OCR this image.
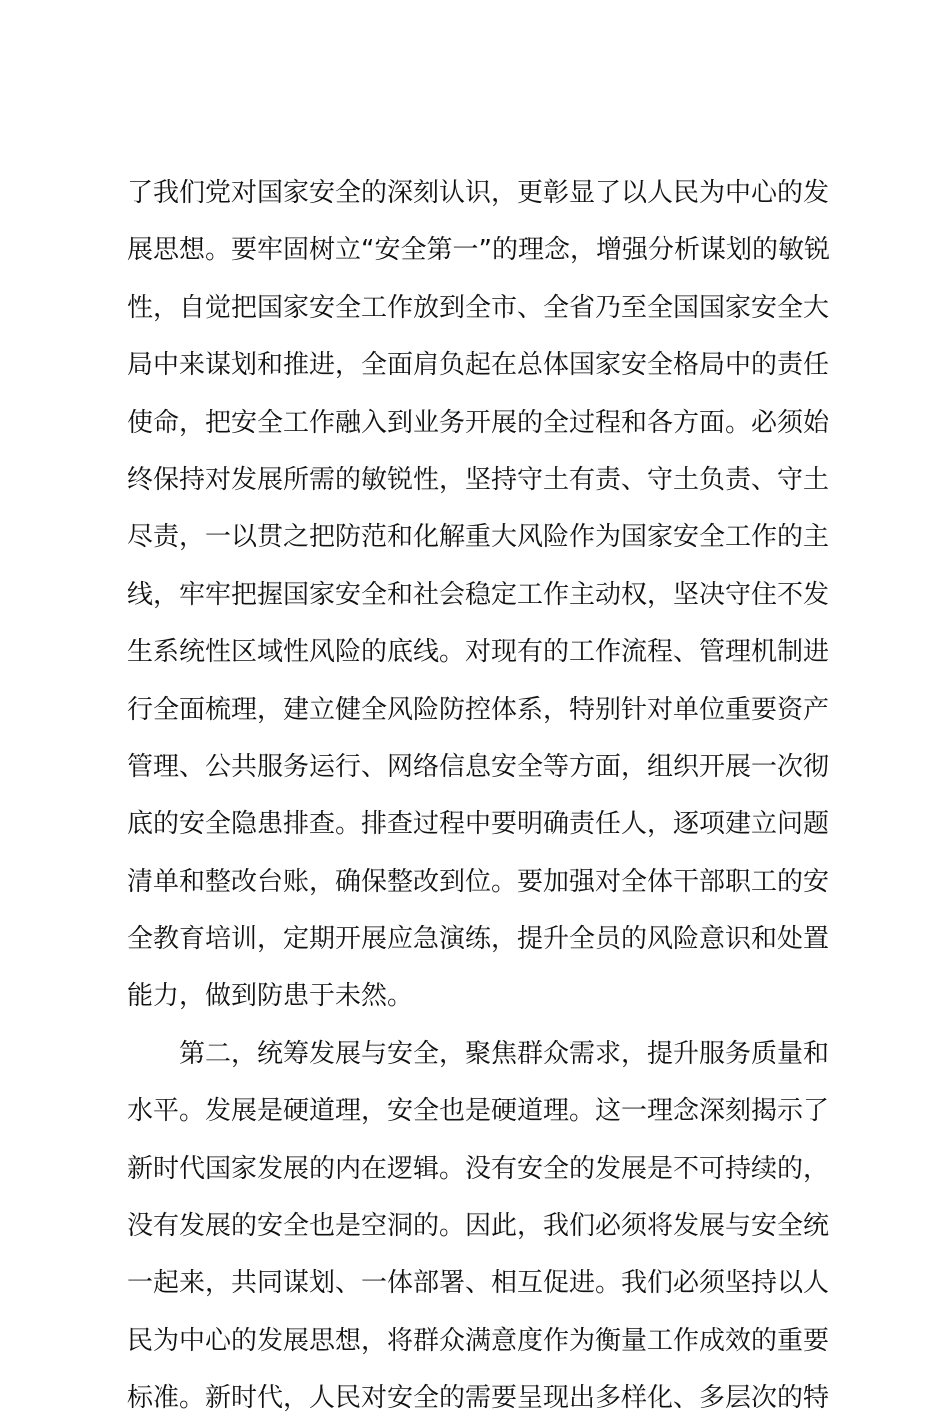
了我们党对国家安全的深刻认识，更彰显了以人民为中心的发
展思想。要牢固树立“安全第一”的理念，增强分析谋划的敏锐
性，自觉把国家安全工作放到全市、全省乃至全国国家安全大
局中来谋划和推进，全面肩负起在总体国家安全格局中的责任
使命，把安全工作融入到业务开展的全过程和各方面。必须始
终保持对发展所需的敏锐性，坚持守土有责、守土负责、守土
尽责，一以贯之把防范和化解重大风险作为国家安全工作的主
线，牢牢把握国家安全和社会稳定工作主动权，坚决守住不发
生系统性区域性风险的底线。对现有的工作流程、管理机制进
行全面梳理，建立健全风险防控体系，特别针对单位重要资产
管理、公共服务运行、网络信息安全等方面，组织开展一次彻
底的安全隐患排查。排查过程中要明确责任人，逐项建立问题
清单和整改台账，确保整改到位。要加强对全体干部职工的安
全教育培训，定期开展应急演练，提升全员的风险意识和处置
能力，做到防患于未然。
第二，统筹发展与安全，聚焦群众需求，提升服务质量和
水平。发展是硬道理，安全也是硬道理。这一理念深刻揭示了
新时代国家发展的内在逻辑。没有安全的发展是不可持续的，
没有发展的安全也是空洞的。因此，我们必须将发展与安全统
一起来，共同谋划、一体部署、相互促进。我们必须坚持以人
民为中心的发展思想，将群众满意度作为衡量工作成效的重要
标准。新时代，人民对安全的需要呈现出多样化、多层次的特
